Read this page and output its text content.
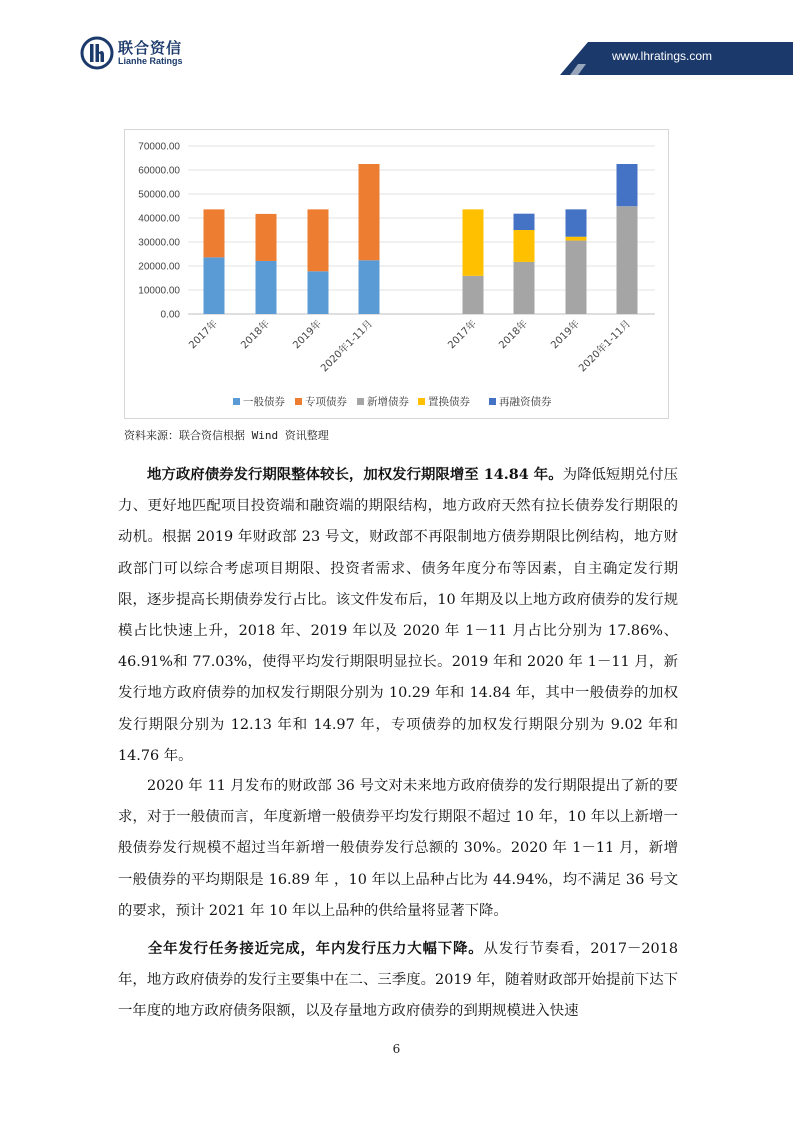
联合资信
Lianhe Ratings	www.lhratings.com
0.00
10000.00
20000.00
30000.00
40000.00
50000.00
60000.00
70000.00
2017年 2018年 2019年
2020年1-11月	2017年 2018年 2019年
2020年1-11月
一般债券 专项债券 新增债券 置换债券	再融资债券
资料来源：联合资信根据 Wind 资讯整理

地方政府债券发行期限整体较长，加权发行期限增至 14.84 年。为降低短期兑付压力、更好地匹配项目投资端和融资端的期限结构，地方政府天然有拉长债券发行期限的动机。根据 2019 年财政部 23 号文，财政部不再限制地方债券期限比例结构，地方财政部门可以综合考虑项目期限、投资者需求、债务年度分布等因素，自主确定发行期限，逐步提高长期债券发行占比。该文件发布后，10 年期及以上地方政府债券的发行规模占比快速上升，2018 年、2019 年以及 2020 年 1－11 月占比分别为 17.86%、46.91%和 77.03%，使得平均发行期限明显拉长。2019 年和 2020 年 1－11 月，新发行地方政府债券的加权发行期限分别为 10.29 年和 14.84 年，其中一般债券的加权发行期限分别为 12.13 年和 14.97 年，专项债券的加权发行期限分别为 9.02 年和 14.76 年。

2020 年 11 月发布的财政部 36 号文对未来地方政府债券的发行期限提出了新的要求，对于一般债而言，年度新增一般债券平均发行期限不超过 10 年，10 年以上新增一般债券发行规模不超过当年新增一般债券发行总额的 30%。2020 年 1－11 月，新增一般债券的平均期限是 16.89 年 ，10 年以上品种占比为 44.94%，均不满足 36 号文的要求，预计 2021 年 10 年以上品种的供给量将显著下降。

全年发行任务接近完成，年内发行压力大幅下降。从发行节奏看，2017－2018 年，地方政府债券的发行主要集中在二、三季度。2019 年，随着财政部开始提前下达下一年度的地方政府债务限额，以及存量地方政府债券的到期规模进入快速

6
